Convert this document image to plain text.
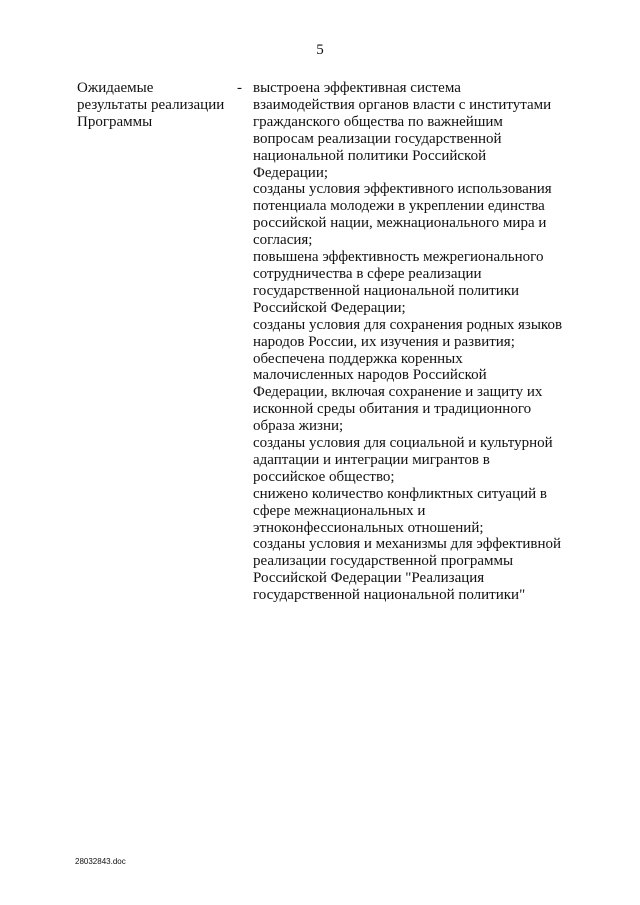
5
Ожидаемые
результаты реализации
Программы
- выстроена эффективная система
взаимодействия органов власти с институтами
гражданского общества по важнейшим
вопросам реализации государственной
национальной политики Российской
Федерации;
созданы условия эффективного использования
потенциала молодежи в укреплении единства
российской нации, межнационального мира и
согласия;
повышена эффективность межрегионального
сотрудничества в сфере реализации
государственной национальной политики
Российской Федерации;
созданы условия для сохранения родных языков
народов России, их изучения и развития;
обеспечена поддержка коренных
малочисленных народов Российской
Федерации, включая сохранение и защиту их
исконной среды обитания и традиционного
образа жизни;
созданы условия для социальной и культурной
адаптации и интеграции мигрантов в
российское общество;
снижено количество конфликтных ситуаций в
сфере межнациональных и
этноконфессиональных отношений;
созданы условия и механизмы для эффективной
реализации государственной программы
Российской Федерации "Реализация
государственной национальной политики"
28032843.doc
